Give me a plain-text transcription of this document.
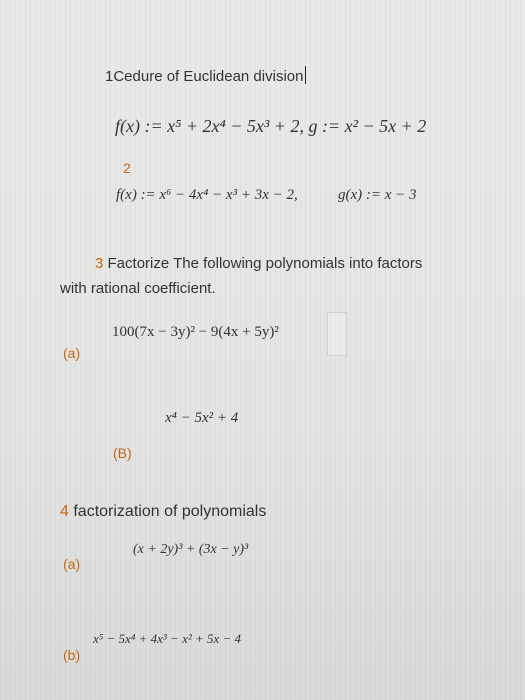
1Cedure of Euclidean division
f(x) := x⁵ + 2x⁴ − 5x³ + 2, g := x² − 5x + 2
2
f(x) := x⁶ − 4x⁴ − x³ + 3x − 2,	g(x) := x − 3
3 Factorize The following polynomials into factors
with rational coefficient.
100(7x − 3y)² − 9(4x + 5y)²
(a)
x⁴ − 5x² + 4
(B)
4 factorization of polynomials
(x + 2y)³ + (3x − y)³
(a)
(b)
x⁵ − 5x⁴ + 4x³ − x² + 5x − 4
